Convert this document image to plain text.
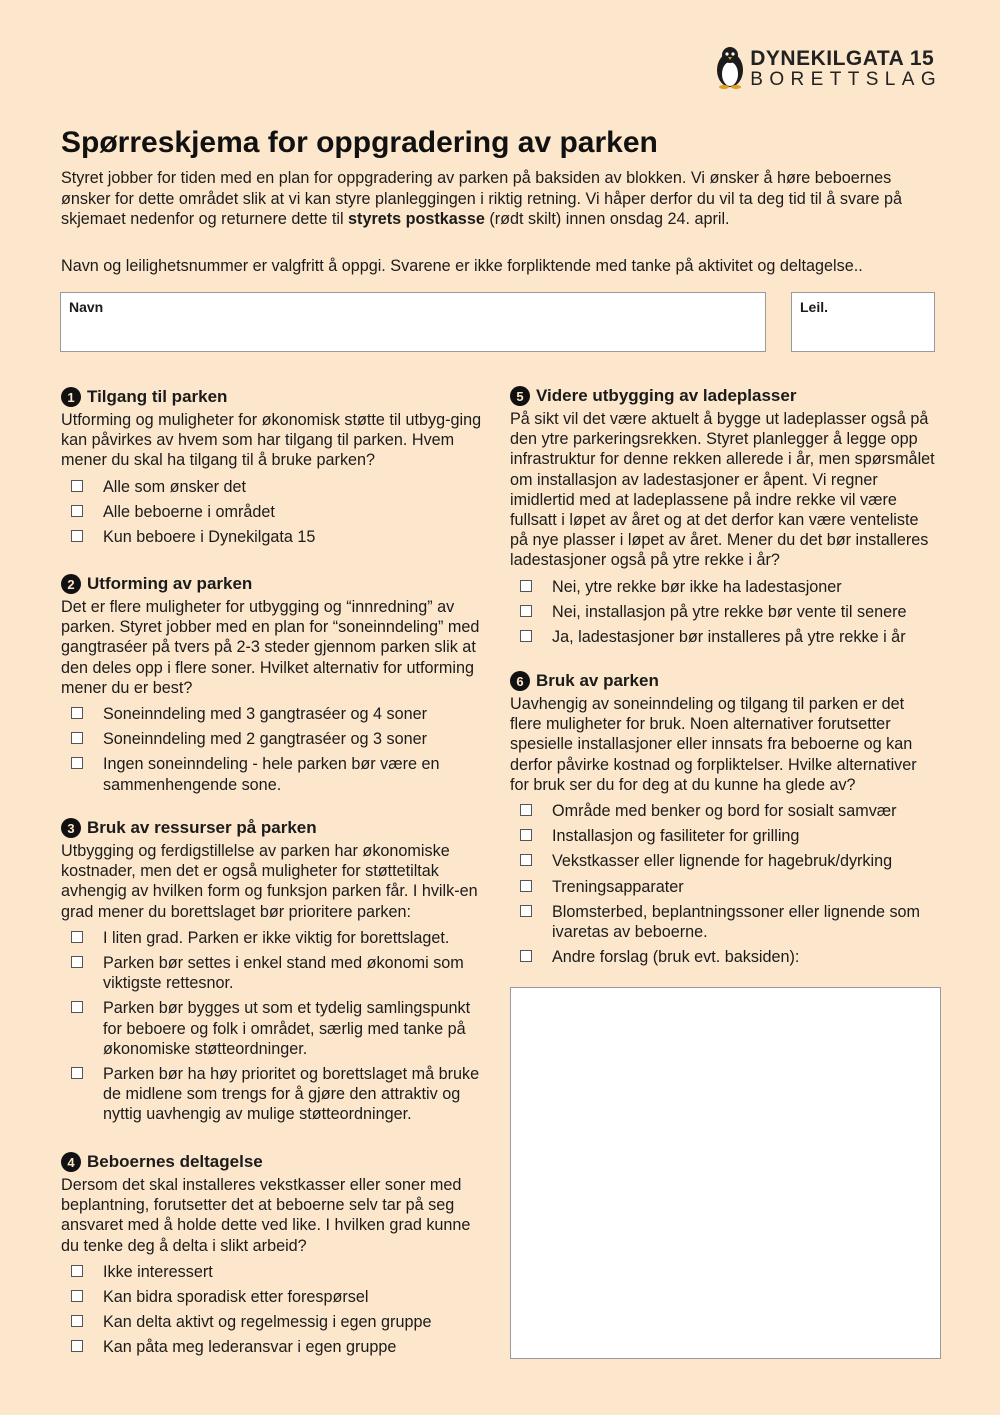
DYNEKILGATA 15
BORETTSLAG
Spørreskjema for oppgradering av parken

Styret jobber for tiden med en plan for oppgradering av parken på baksiden av blokken. Vi ønsker å høre beboernes ønsker for dette området slik at vi kan styre planleggingen i riktig retning. Vi håper derfor du vil ta deg tid til å svare på skjemaet nedenfor og returnere dette til styrets postkasse (rødt skilt) innen onsdag 24. april.

Navn og leilighetsnummer er valgfritt å oppgi. Svarene er ikke forpliktende med tanke på aktivitet og deltagelse..

Navn	Leil.
1 Tilgang til parken

Utforming og muligheter for økonomisk støtte til utbyg-ging kan påvirkes av hvem som har tilgang til parken. Hvem mener du skal ha tilgang til å bruke parken?

Alle som ønsker det
Alle beboerne i området
Kun beboere i Dynekilgata 15
2 Utforming av parken

Det er flere muligheter for utbygging og “innredning” av parken. Styret jobber med en plan for “soneinndeling” med gangtraséer på tvers på 2-3 steder gjennom parken slik at den deles opp i flere soner. Hvilket alternativ for utforming mener du er best?

Soneinndeling med 3 gangtraséer og 4 soner
Soneinndeling med 2 gangtraséer og 3 soner
Ingen soneinndeling - hele parken bør være en sammenhengende sone.
3 Bruk av ressurser på parken

Utbygging og ferdigstillelse av parken har økonomiske kostnader, men det er også muligheter for støttetiltak avhengig av hvilken form og funksjon parken får. I hvilk-en grad mener du borettslaget bør prioritere parken:

I liten grad. Parken er ikke viktig for borettslaget.
Parken bør settes i enkel stand med økonomi som viktigste rettesnor.
Parken bør bygges ut som et tydelig samlingspunkt for beboere og folk i området, særlig med tanke på økonomiske støtteordninger.
Parken bør ha høy prioritet og borettslaget må bruke de midlene som trengs for å gjøre den attraktiv og nyttig uavhengig av mulige støtteordninger.
4 Beboernes deltagelse

Dersom det skal installeres vekstkasser eller soner med beplantning, forutsetter det at beboerne selv tar på seg ansvaret med å holde dette ved like. I hvilken grad kunne du tenke deg å delta i slikt arbeid?

Ikke interessert
Kan bidra sporadisk etter forespørsel
Kan delta aktivt og regelmessig i egen gruppe
Kan påta meg lederansvar i egen gruppe
5 Videre utbygging av ladeplasser

På sikt vil det være aktuelt å bygge ut ladeplasser også på den ytre parkeringsrekken. Styret planlegger å legge opp infrastruktur for denne rekken allerede i år, men spørsmålet om installasjon av ladestasjoner er åpent. Vi regner imidlertid med at ladeplassene på indre rekke vil være fullsatt i løpet av året og at det derfor kan være venteliste på nye plasser i løpet av året. Mener du det bør installeres ladestasjoner også på ytre rekke i år?

Nei, ytre rekke bør ikke ha ladestasjoner
Nei, installasjon på ytre rekke bør vente til senere
Ja, ladestasjoner bør installeres på ytre rekke i år
6 Bruk av parken

Uavhengig av soneinndeling og tilgang til parken er det flere muligheter for bruk. Noen alternativer forutsetter spesielle installasjoner eller innsats fra beboerne og kan derfor påvirke kostnad og forpliktelser. Hvilke alternativer for bruk ser du for deg at du kunne ha glede av?

Område med benker og bord for sosialt samvær
Installasjon og fasiliteter for grilling
Vekstkasser eller lignende for hagebruk/dyrking
Treningsapparater
Blomsterbed, beplantningssoner eller lignende som ivaretas av beboerne.
Andre forslag (bruk evt. baksiden):
